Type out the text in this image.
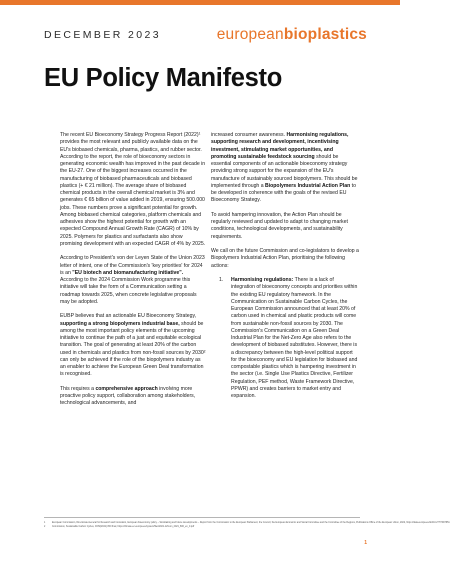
DECEMBER 2023	europeanbioplastics
EU Policy Manifesto

The recent EU Bioeconomy Strategy Progress Report (2022)¹ provides the most relevant and publicly available data on the EU's biobased chemicals, pharma, plastics, and rubber sector. According to the report, the role of bioeconomy sectors in generating economic wealth has improved in the past decade in the EU-27. One of the biggest increases occurred in the manufacturing of biobased pharmaceuticals and biobased plastics (+ € 21 million). The average share of biobased chemical products in the overall chemical market is 3% and generates € 65 billion of value added in 2019, ensuring 500.000 jobs. These numbers prove a significant potential for growth. Among biobased chemical categories, platform chemicals and adhesives show the highest potential for growth with an expected Compound Annual Growth Rate (CAGR) of 10% by 2025. Polymers for plastics and surfactants also show promising development with an expected CAGR of 4% by 2025.

According to President's von der Leyen State of the Union 2023 letter of intent, one of the Commission's 'key priorities' for 2024 is an "EU biotech and biomanufacturing initiative". According to the 2024 Commission Work programme this initiative will take the form of a Communication setting a roadmap towards 2025, when concrete legislative proposals may be adopted.

EUBP believes that an actionable EU Bioeconomy Strategy, supporting a strong biopolymers industrial base, should be among the most important policy elements of the upcoming initiative to continue the path of a just and equitable ecological transition. The goal of generating at least 20% of the carbon used in chemicals and plastics from non-fossil sources by 2030² can only be achieved if the role of the biopolymers industry as an enabler to achieve the European Green Deal transformation is recognised.

This requires a comprehensive approach involving more proactive policy support, collaboration among stakeholders, technological advancements, and

increased consumer awareness. Harmonising regulations, supporting research and development, incentivising investment, stimulating market opportunities, and promoting sustainable feedstock sourcing should be essential components of an actionable bioeconomy strategy providing strong support for the expansion of the EU's manufacture of sustainably sourced biopolymers. This should be implemented through a Biopolymers Industrial Action Plan to be developed in coherence with the goals of the revised EU Bioeconomy Strategy.

To avoid hampering innovation, the Action Plan should be regularly reviewed and updated to adapt to changing market conditions, technological developments, and sustainability requirements.

We call on the future Commission and co-legislators to develop a Biopolymers Industrial Action Plan, prioritising the following actions:

1.	Harmonising regulations: There is a lack of integration of bioeconomy concepts and priorities within the existing EU regulatory framework. In the Communication on Sustainable Carbon Cycles, the European Commission announced that at least 20% of carbon used in chemical and plastic products will come from sustainable non-fossil sources by 2030. The Commission's Communication on a Green Deal Industrial Plan for the Net-Zero Age also refers to the development of biobased substitutes. However, there is a discrepancy between the high-level political support for the bioeconomy and EU legislation for biobased and compostable plastics which is hampering investment in the sector (i.e. Single Use Plastics Directive, Fertilizer Regulation, PEF method, Waste Framework Directive, PPWR) and creates barriers to market entry and expansion.
1	European Commission, Directorate-General for Research and Innovation, European bioeconomy policy – Stocktaking and future developments – Report from the Commission to the European Parliament, the Council, the European Economic and Social Committee and the Committee of the Regions, Publications Office of the European Union, 2022, https://data.europa.eu/doi/10.2777/997651
2	Commission, Sustainable Carbon Cycles, COM(2021) 800 final, https://climate.ec.europa.eu/system/files/2021-12/com_2021_800_en_0.pdf
1
